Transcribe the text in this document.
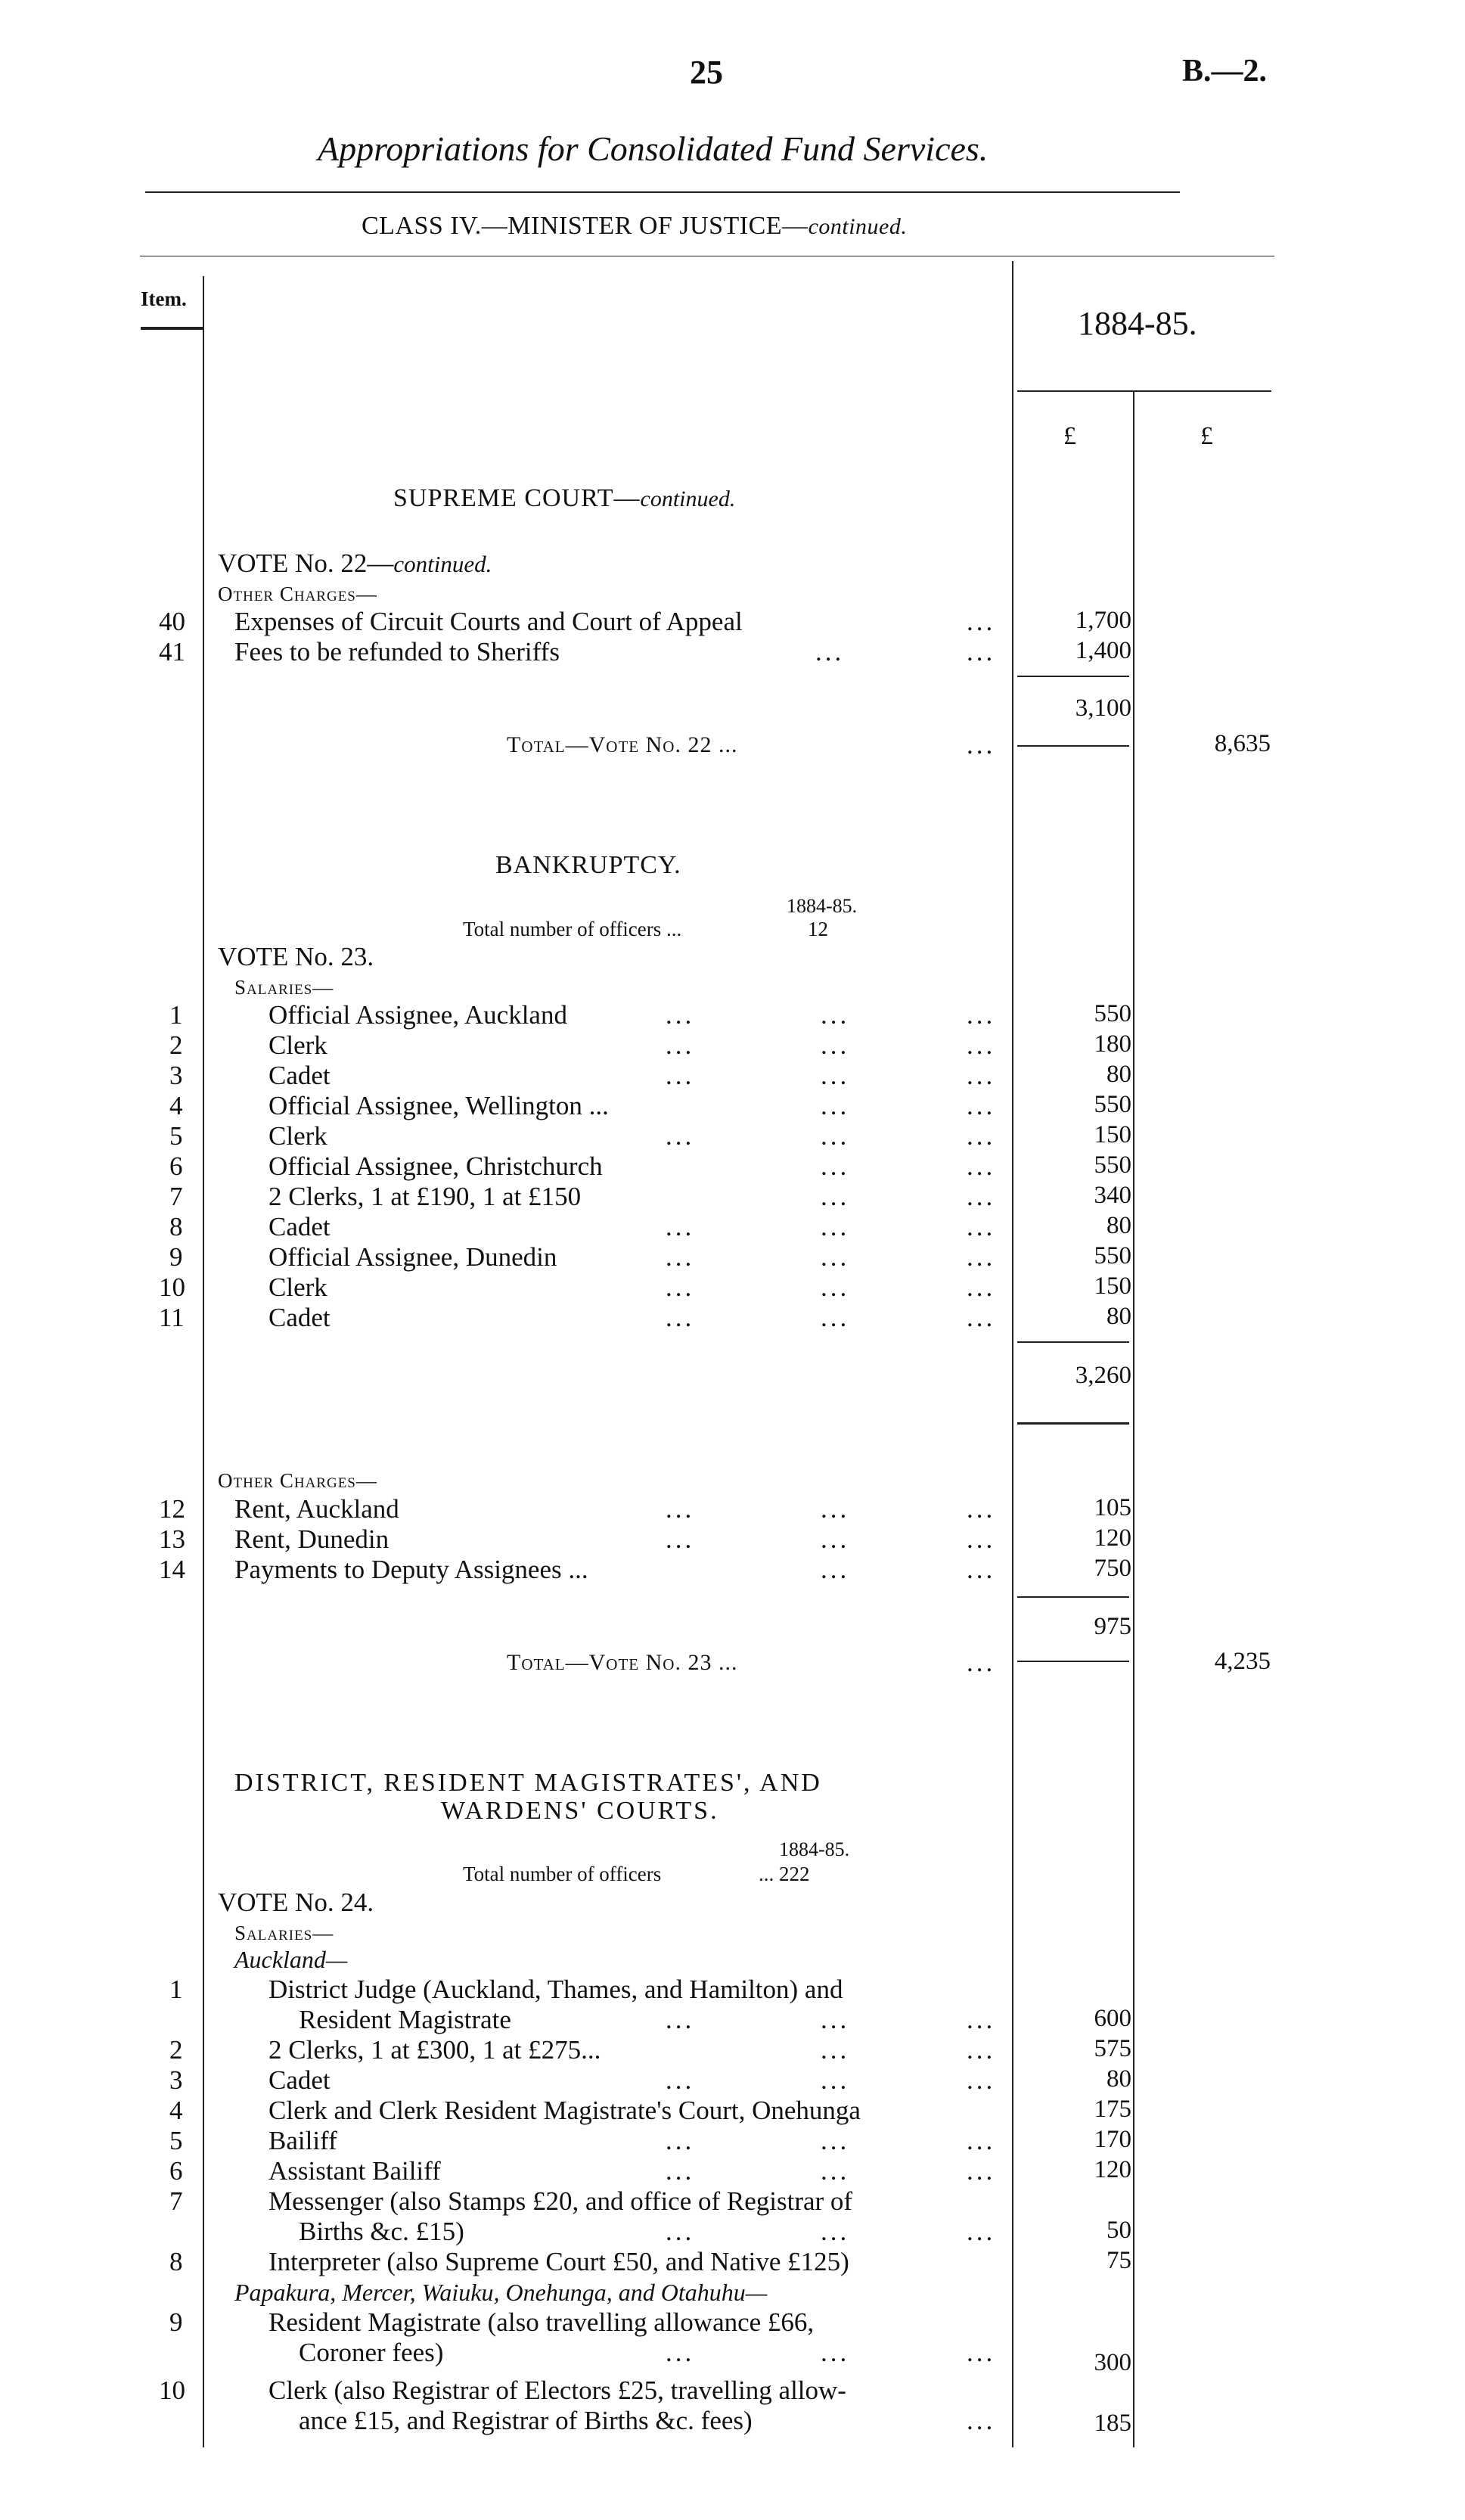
25	B.—2.
Appropriations for Consolidated Fund Services.
CLASS IV.—MINISTER OF JUSTICE—continued.
Item.
1884-85.
£	£
SUPREME COURT—continued.
VOTE No. 22—continued.
Other Charges—
40 Expenses of Circuit Courts and Court of Appeal	...	1,700
41 Fees to be refunded to Sheriffs	...	...	1,400
3,100
Total—Vote No. 22 ...	...	8,635
BANKRUPTCY.
1884-85.
Total number of officers ...	12
VOTE No. 23.
Salaries—
1	Official Assignee, Auckland	...	...	...	550
2	Clerk	...	...	...	180
3	Cadet	...	...	...	80
4	Official Assignee, Wellington ...	...	...	550
5	Clerk	...	...	...	150
6	Official Assignee, Christchurch	...	...	550
7	2 Clerks, 1 at £190, 1 at £150	...	...	340
8	Cadet	...	...	...	80
9	Official Assignee, Dunedin	...	...	...	550
10	Clerk	...	...	...	150
11	Cadet	...	...	...	80
3,260
Other Charges—
12 Rent, Auckland	...	...	...	105
13 Rent, Dunedin	...	...	...	120
14 Payments to Deputy Assignees ...	...	...	750
975
Total—Vote No. 23 ...	...	4,235
DISTRICT, RESIDENT MAGISTRATES', AND
WARDENS' COURTS.
1884-85.
Total number of officers	... 222
VOTE No. 24.
Salaries—
Auckland—
1	District Judge (Auckland, Thames, and Hamilton) and
Resident Magistrate	...	...	...	600
2	2 Clerks, 1 at £300, 1 at £275...	...	...	575
3	Cadet	...	...	...	80
4	Clerk and Clerk Resident Magistrate's Court, Onehunga	175
5	Bailiff	...	...	...	170
6	Assistant Bailiff	...	...	...	120
7	Messenger (also Stamps £20, and office of Registrar of
Births &c. £15)	...	...	...	50
8	Interpreter (also Supreme Court £50, and Native £125)	75
Papakura, Mercer, Waiuku, Onehunga, and Otahuhu—
9	Resident Magistrate (also travelling allowance £66,
Coroner fees)	...	...	...	300
10	Clerk (also Registrar of Electors £25, travelling allow-
ance £15, and Registrar of Births &c. fees)	...	185
